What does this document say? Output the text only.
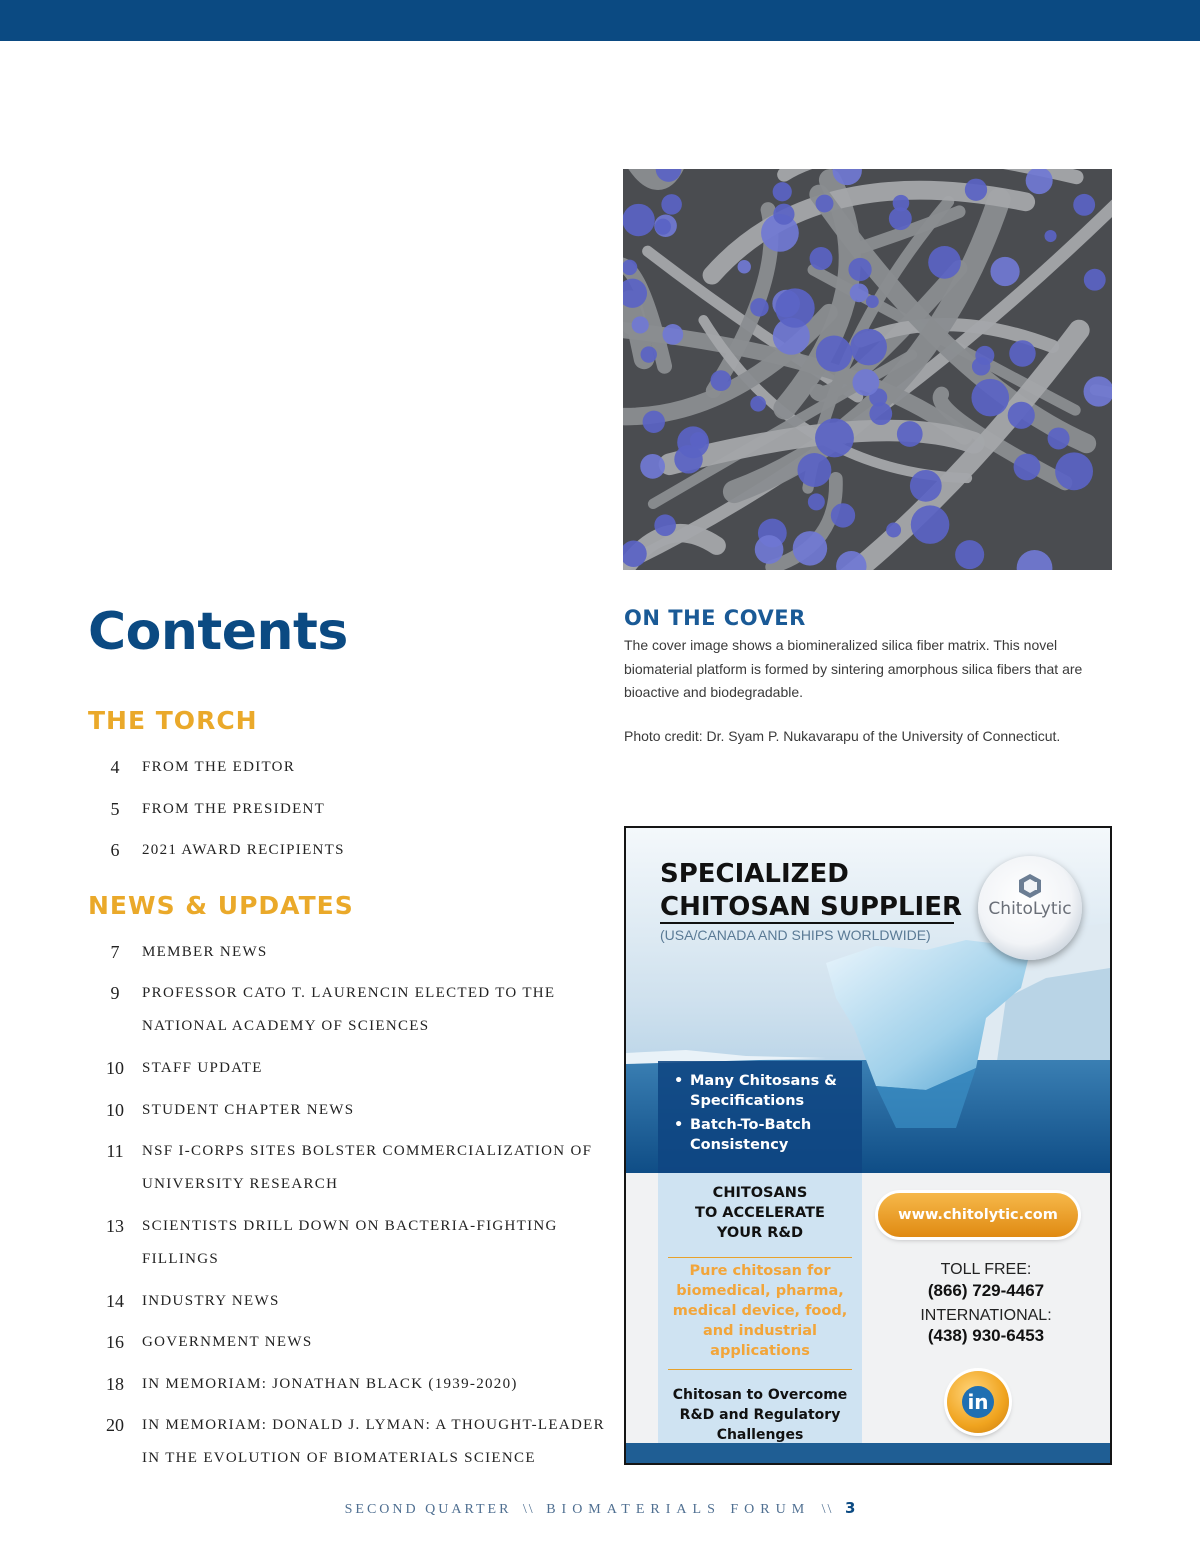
ON THE COVER
The cover image shows a biomineralized silica fiber matrix. This novel biomaterial platform is formed by sintering amorphous silica fibers that are bioactive and biodegradable.
Photo credit: Dr. Syam P. Nukavarapu of the University of Connecticut.
Contents
THE TORCH
4	FROM THE EDITOR
5	FROM THE PRESIDENT
6	2021 AWARD RECIPIENTS
NEWS & UPDATES
7	MEMBER NEWS
9	PROFESSOR CATO T. LAURENCIN ELECTED TO THE NATIONAL ACADEMY OF SCIENCES
10	STAFF UPDATE
10	STUDENT CHAPTER NEWS
11	NSF I-CORPS SITES BOLSTER COMMERCIALIZATION OF UNIVERSITY RESEARCH
13	SCIENTISTS DRILL DOWN ON BACTERIA-FIGHTING FILLINGS
14	INDUSTRY NEWS
16	GOVERNMENT NEWS
18	IN MEMORIAM: JONATHAN BLACK (1939-2020)
20	IN MEMORIAM: DONALD J. LYMAN: A THOUGHT-LEADER IN THE EVOLUTION OF BIOMATERIALS SCIENCE
SPECIALIZED
CHITOSAN SUPPLIER
(USA/CANADA AND SHIPS WORLDWIDE)
ChitoLytic
• Many Chitosans & Specifications
• Batch-To-Batch Consistency
CHITOSANS
TO ACCELERATE
YOUR R&D
Pure chitosan for biomedical, pharma, medical device, food, and industrial applications
Chitosan to Overcome R&D and Regulatory Challenges
www.chitolytic.com
TOLL FREE:
(866) 729-4467
INTERNATIONAL:
(438) 930-6453
in
SECOND QUARTER \\ BIOMATERIALS FORUM \\ 3
